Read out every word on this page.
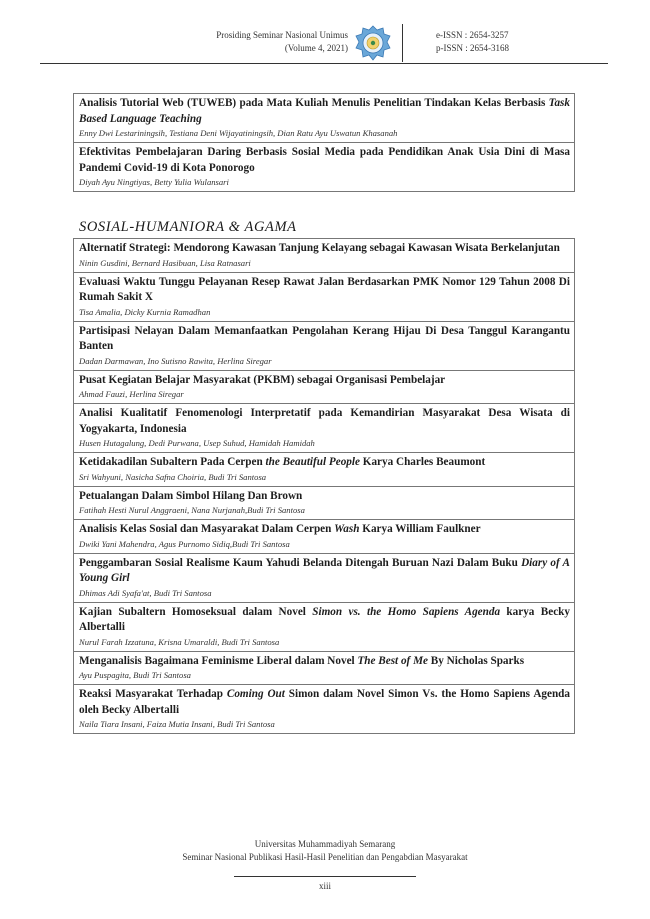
Prosiding Seminar Nasional Unimus
(Volume 4, 2021)
e-ISSN : 2654-3257
p-ISSN : 2654-3168
Analisis Tutorial Web (TUWEB) pada Mata Kuliah Menulis Penelitian Tindakan Kelas Berbasis Task Based Language Teaching
Enny Dwi Lestariningsih, Testiana Deni Wijayatiningsih, Dian Ratu Ayu Uswatun Khasanah
Efektivitas Pembelajaran Daring Berbasis Sosial Media pada Pendidikan Anak Usia Dini di Masa Pandemi Covid-19 di Kota Ponorogo
Diyah Ayu Ningtiyas, Betty Yulia Wulansari
SOSIAL-HUMANIORA & AGAMA
Alternatif Strategi: Mendorong Kawasan Tanjung Kelayang sebagai Kawasan Wisata Berkelanjutan
Ninin Gusdini, Bernard Hasibuan, Lisa Ratnasari
Evaluasi Waktu Tunggu Pelayanan Resep Rawat Jalan Berdasarkan PMK Nomor 129 Tahun 2008 Di Rumah Sakit X
Tisa Amalia, Dicky Kurnia Ramadhan
Partisipasi Nelayan Dalam Memanfaatkan Pengolahan Kerang Hijau Di Desa Tanggul Karangantu Banten
Dadan Darmawan, Ino Sutisno Rawita, Herlina Siregar
Pusat Kegiatan Belajar Masyarakat (PKBM) sebagai Organisasi Pembelajar
Ahmad Fauzi, Herlina Siregar
Analisi Kualitatif Fenomenologi Interpretatif pada Kemandirian Masyarakat Desa Wisata di Yogyakarta, Indonesia
Husen Hutagalung, Dedi Purwana, Usep Suhud, Hamidah Hamidah
Ketidakadilan Subaltern Pada Cerpen the Beautiful People Karya Charles Beaumont
Sri Wahyuni, Nasicha Safna Choiria, Budi Tri Santosa
Petualangan Dalam Simbol Hilang Dan Brown
Fatihah Hesti Nurul Anggraeni, Nana Nurjanah,Budi Tri Santosa
Analisis Kelas Sosial dan Masyarakat Dalam Cerpen Wash Karya William Faulkner
Dwiki Yani Mahendra, Agus Purnomo Sidiq,Budi Tri Santosa
Penggambaran Sosial Realisme Kaum Yahudi Belanda Ditengah Buruan Nazi Dalam Buku Diary of A Young Girl
Dhimas Adi Syafa'at, Budi Tri Santosa
Kajian Subaltern Homoseksual dalam Novel Simon vs. the Homo Sapiens Agenda karya Becky Albertalli
Nurul Farah Izzatuna, Krisna Umaraldi, Budi Tri Santosa
Menganalisis Bagaimana Feminisme Liberal dalam Novel The Best of Me By Nicholas Sparks
Ayu Puspagita, Budi Tri Santosa
Reaksi Masyarakat Terhadap Coming Out Simon dalam Novel Simon Vs. the Homo Sapiens Agenda oleh Becky Albertalli
Naila Tiara Insani, Faiza Mutia Insani, Budi Tri Santosa
Universitas Muhammadiyah Semarang
Seminar Nasional Publikasi Hasil-Hasil Penelitian dan Pengabdian Masyarakat
xiii
